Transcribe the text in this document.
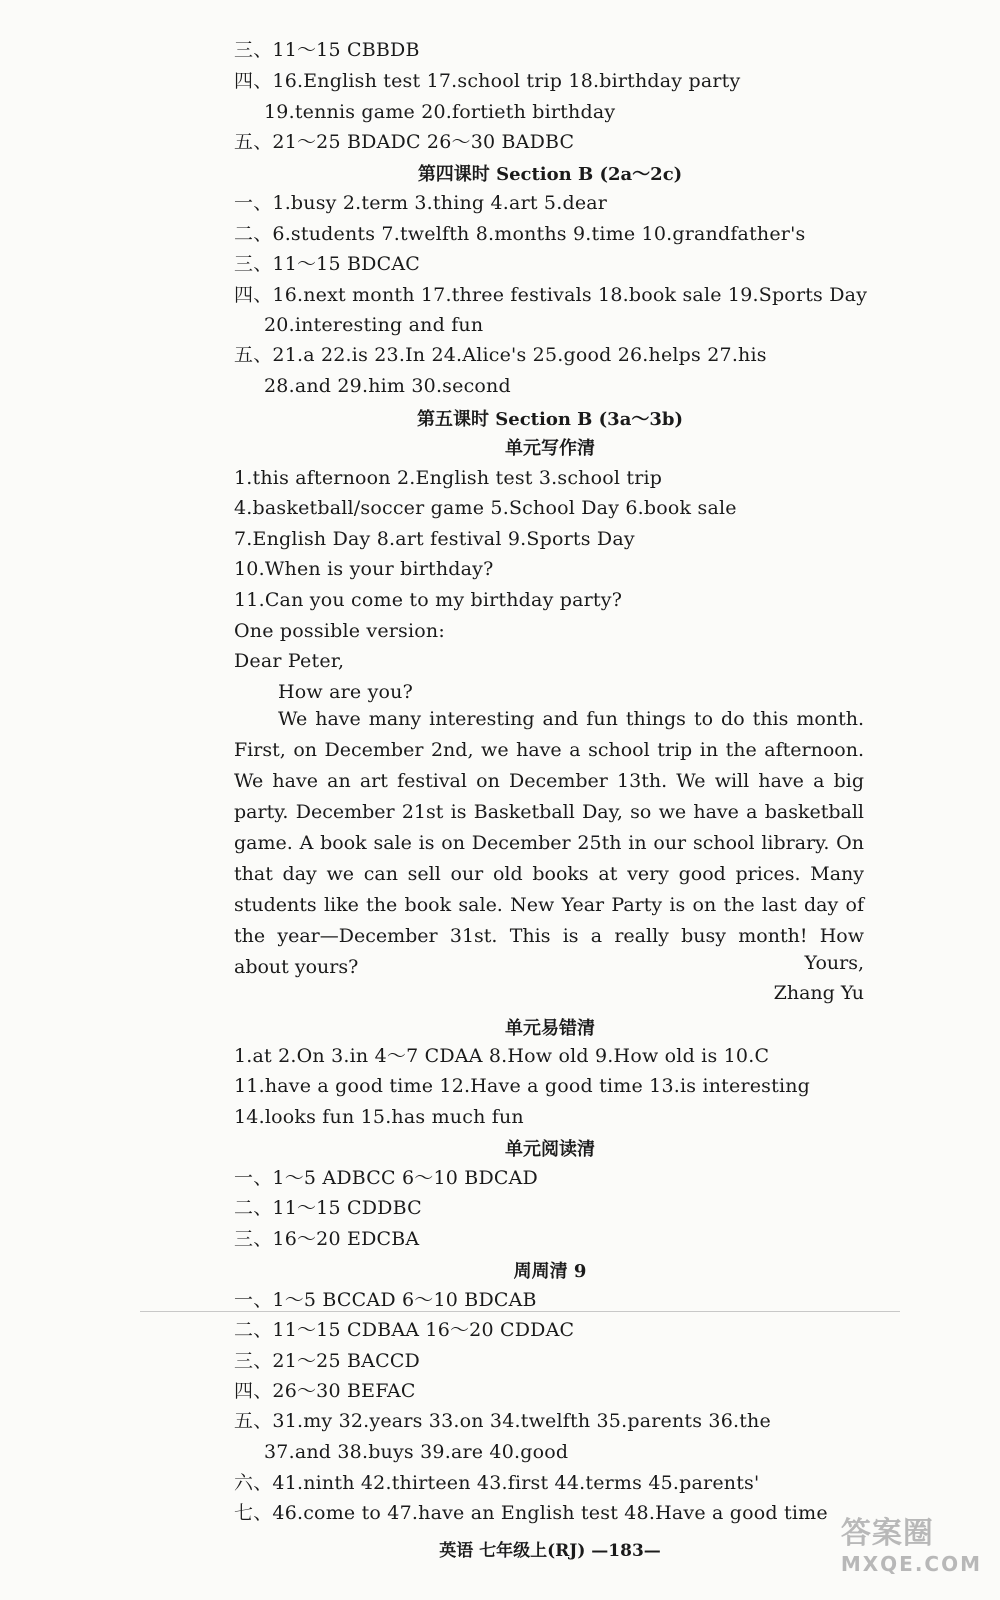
三、11～15 CBBDB
四、16.English test 17.school trip 18.birthday party
19.tennis game 20.fortieth birthday
五、21～25 BDADC 26～30 BADBC
第四课时 Section B (2a～2c)
一、1.busy 2.term 3.thing 4.art 5.dear
二、6.students 7.twelfth 8.months 9.time 10.grandfather's
三、11～15 BDCAC
四、16.next month 17.three festivals 18.book sale 19.Sports Day
20.interesting and fun
五、21.a 22.is 23.In 24.Alice's 25.good 26.helps 27.his
28.and 29.him 30.second
第五课时 Section B (3a～3b)
单元写作清
1.this afternoon 2.English test 3.school trip
4.basketball/soccer game 5.School Day 6.book sale
7.English Day 8.art festival 9.Sports Day
10.When is your birthday?
11.Can you come to my birthday party?
One possible version:
Dear Peter,
How are you?
We have many interesting and fun things to do this month. First, on December 2nd, we have a school trip in the afternoon. We have an art festival on December 13th. We will have a big party. December 21st is Basketball Day, so we have a basketball game. A book sale is on December 25th in our school library. On that day we can sell our old books at very good prices. Many students like the book sale. New Year Party is on the last day of the year—December 31st. This is a really busy month! How about yours?	Yours,
Zhang Yu
单元易错清
1.at 2.On 3.in 4～7 CDAA 8.How old 9.How old is 10.C
11.have a good time 12.Have a good time 13.is interesting
14.looks fun 15.has much fun
单元阅读清
一、1～5 ADBCC 6～10 BDCAD
二、11～15 CDDBC
三、16～20 EDCBA
周周清 9
一、1～5 BCCAD 6～10 BDCAB
二、11～15 CDBAA 16～20 CDDAC
三、21～25 BACCD
四、26～30 BEFAC
五、31.my 32.years 33.on 34.twelfth 35.parents 36.the
37.and 38.buys 39.are 40.good
六、41.ninth 42.thirteen 43.first 44.terms 45.parents'
七、46.come to 47.have an English test 48.Have a good time
英语 七年级上(RJ) —183—	答案圈
MXQE.COM
